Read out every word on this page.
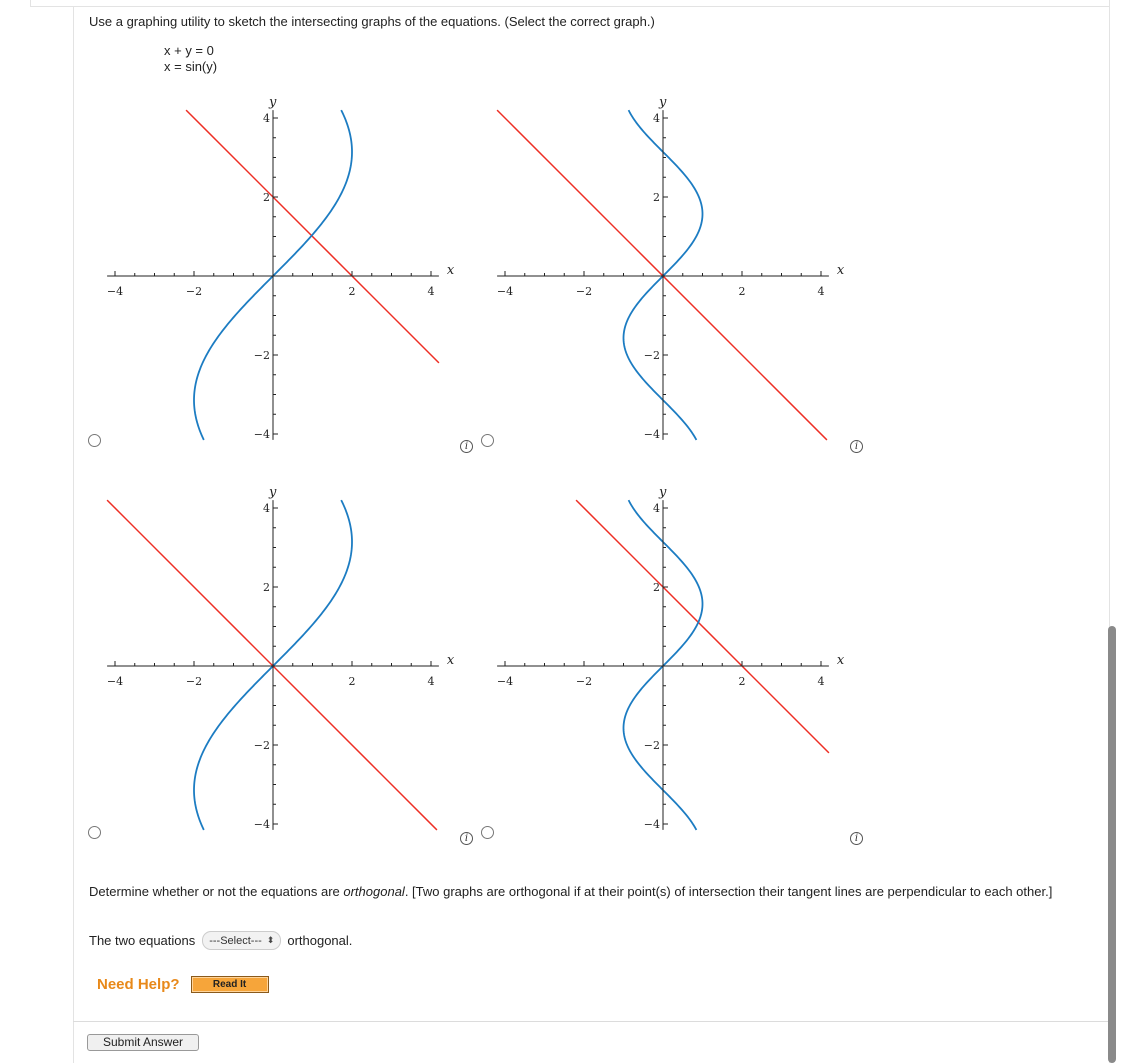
Use a graphing utility to sketch the intersecting graphs of the equations. (Select the correct graph.)
x + y = 0
x = sin(y)
−4	−2	2	4
4
2
−2
−4
x
y
i
−4	−2	2	4
4
2
−2
−4
x
y
i
−4	−2	2	4
4
2
−2
−4
x
y
i
−4	−2	2	4
4
2
−2
−4
x
y
i
Determine whether or not the equations are orthogonal. [Two graphs are orthogonal if at their point(s) of intersection their tangent lines are perpendicular to each other.]
The two equations ---Select--- ⬍ orthogonal.
Need Help?	Read It
Submit Answer
